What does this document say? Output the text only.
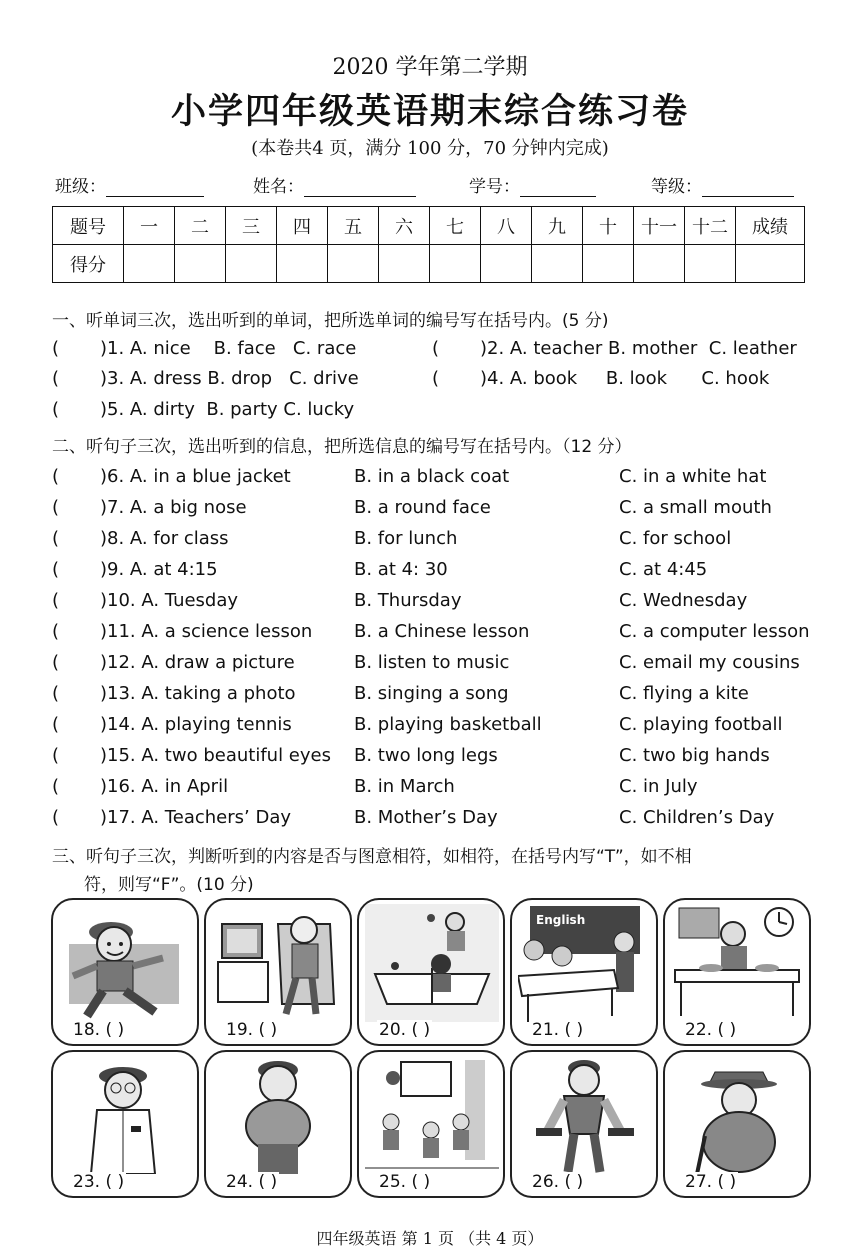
2020 学年第二学期
小学四年级英语期末综合练习卷
(本卷共4 页，满分 100 分，70 分钟内完成)
班级：	姓名：	学号：	等级：
题号	一	二	三	四	五	六	七	八	九	十	十一	十二	成绩
得分													
一、听单词三次，选出听到的单词，把所选单词的编号写在括号内。(5 分)
( )1. A. nice    B. face   C. race	( )2. A. teacher B. mother  C. leather
( )3. A. dress B. drop   C. drive	( )4. A. book     B. look      C. hook
( )5. A. dirty  B. party C. lucky
二、听句子三次，选出听到的信息，把所选信息的编号写在括号内。（12 分）
( )6. A. in a blue jacket	B. in a black coat	C. in a white hat
( )7. A. a big nose	B. a round face	C. a small mouth
( )8. A. for class	B. for lunch	C. for school
( )9. A. at 4:15	B. at 4: 30	C. at 4:45
( )10. A. Tuesday	B. Thursday	C. Wednesday
( )11. A. a science lesson B. a Chinese lesson	C. a computer lesson
( )12. A. draw a picture	B. listen to music	C. email my cousins
( )13. A. taking a photo	B. singing a song	C. flying a kite
( )14. A. playing tennis	B. playing basketball	C. playing football
( )15. A. two beautiful eyes B. two long legs	C. two big hands
( )16. A. in April	B. in March	C. in July
( )17. A. Teachers’ Day	B. Mother’s Day	C. Children’s Day
三、听句子三次，判断听到的内容是否与图意相符，如相符，在括号内写“T”，如不相
符，则写“F”。(10 分)
18. ( )	19. ( )	20. ( )
English
21. ( )	22. ( )
23. ( )	24. ( )	25. ( )	26. ( )	27. ( )
四年级英语 第 1 页 （共 4 页）
